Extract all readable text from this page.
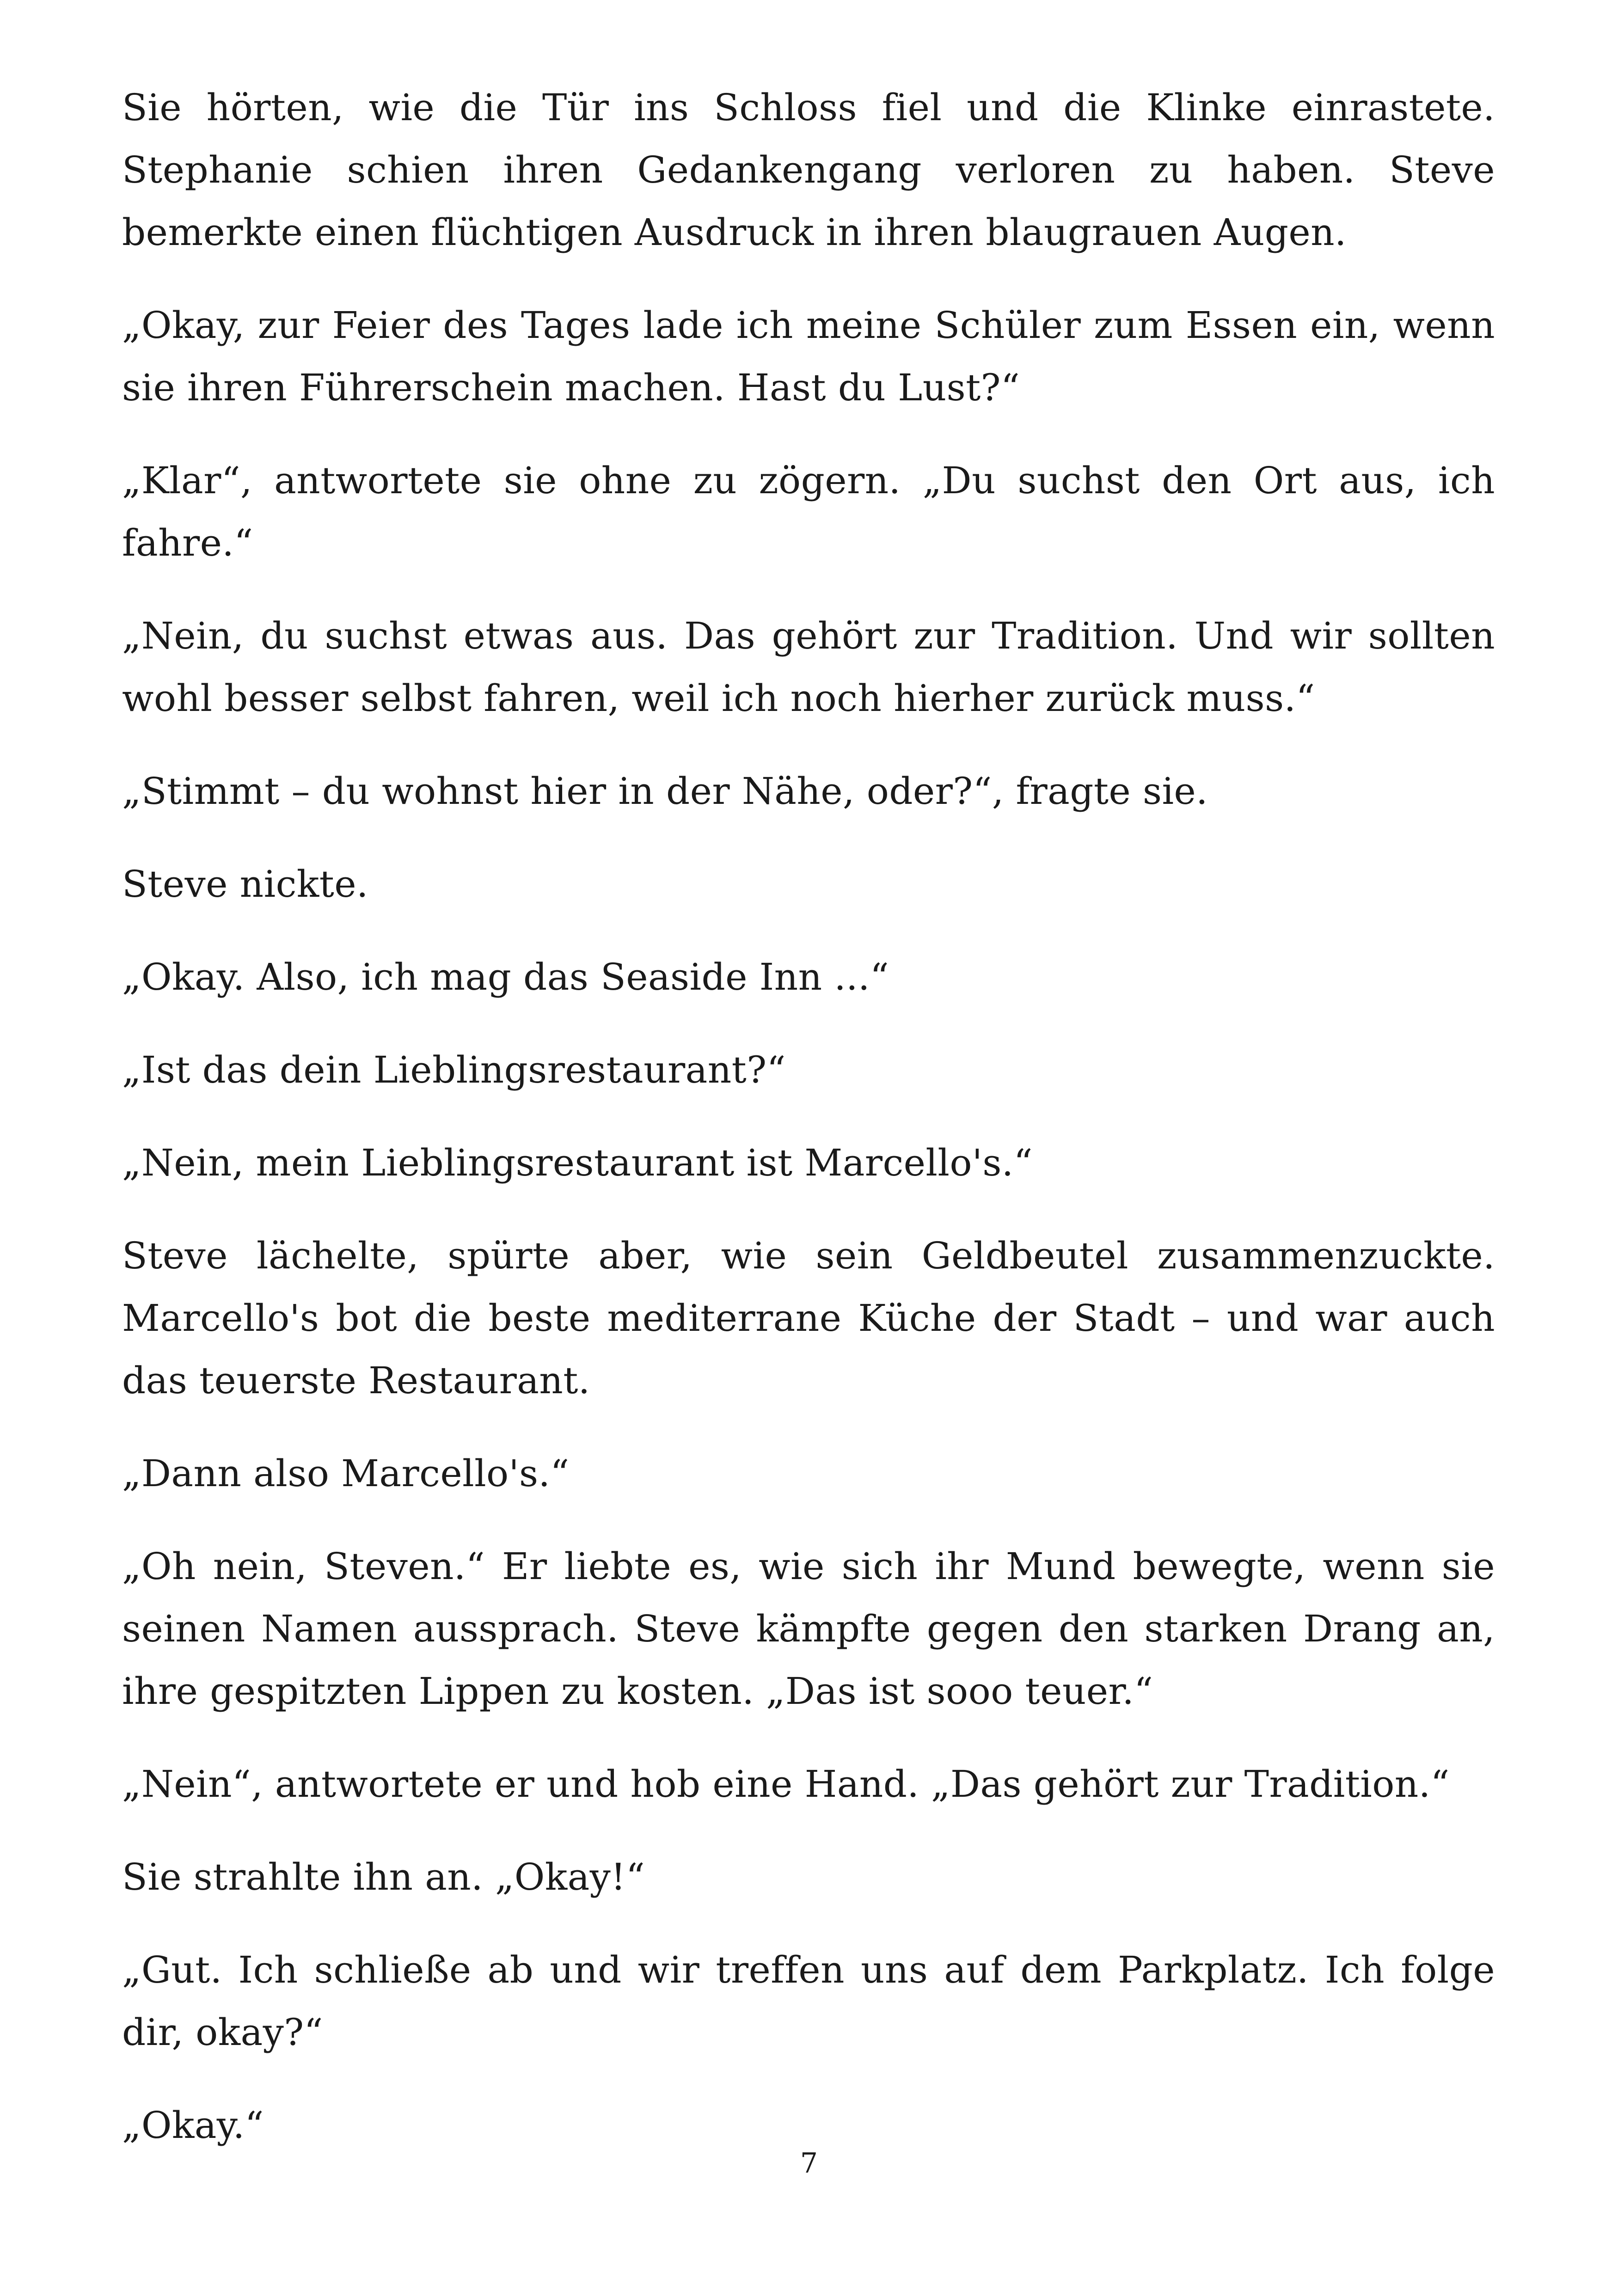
Sie hörten, wie die Tür ins Schloss fiel und die Klinke einrastete. Stephanie schien ihren Gedankengang verloren zu haben. Steve bemerkte einen flüchtigen Ausdruck in ihren blaugrauen Augen.

„Okay, zur Feier des Tages lade ich meine Schüler zum Essen ein, wenn sie ihren Führerschein machen. Hast du Lust?“

„Klar“, antwortete sie ohne zu zögern. „Du suchst den Ort aus, ich fahre.“

„Nein, du suchst etwas aus. Das gehört zur Tradition. Und wir sollten wohl besser selbst fahren, weil ich noch hierher zurück muss.“

„Stimmt – du wohnst hier in der Nähe, oder?“, fragte sie.

Steve nickte.

„Okay. Also, ich mag das Seaside Inn ...“

„Ist das dein Lieblingsrestaurant?“

„Nein, mein Lieblingsrestaurant ist Marcello's.“

Steve lächelte, spürte aber, wie sein Geldbeutel zusammenzuckte. Marcello's bot die beste mediterrane Küche der Stadt – und war auch das teuerste Restaurant.

„Dann also Marcello's.“

„Oh nein, Steven.“ Er liebte es, wie sich ihr Mund bewegte, wenn sie seinen Namen aussprach. Steve kämpfte gegen den starken Drang an, ihre gespitzten Lippen zu kosten. „Das ist sooo teuer.“

„Nein“, antwortete er und hob eine Hand. „Das gehört zur Tradition.“

Sie strahlte ihn an. „Okay!“

„Gut. Ich schließe ab und wir treffen uns auf dem Parkplatz. Ich folge dir, okay?“

„Okay.“

7
